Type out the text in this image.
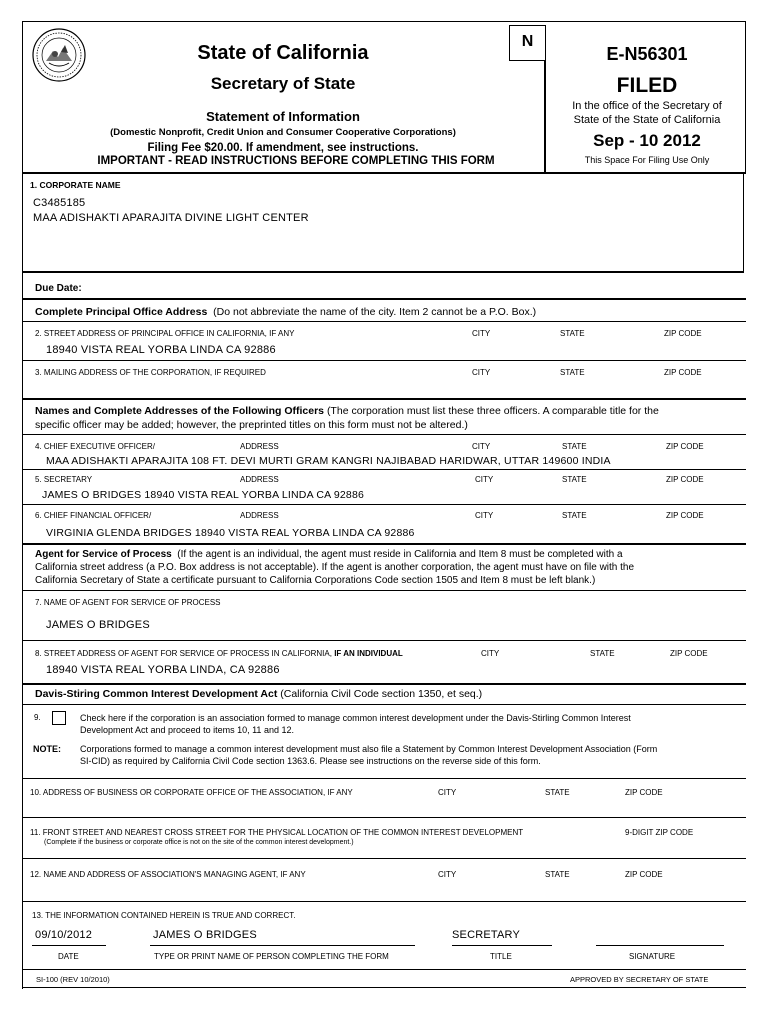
State of California
Secretary of State
Statement of Information
(Domestic Nonprofit, Credit Union and Consumer Cooperative Corporations)
Filing Fee $20.00. If amendment, see instructions.
IMPORTANT - READ INSTRUCTIONS BEFORE COMPLETING THIS FORM
N
E-N56301
FILED
In the office of the Secretary of
State of the State of California
Sep - 10 2012
This Space For Filing Use Only
1. CORPORATE NAME
C3485185
MAA ADISHAKTI APARAJITA DIVINE LIGHT CENTER
Due Date:
Complete Principal Office Address (Do not abbreviate the name of the city. Item 2 cannot be a P.O. Box.)
2. STREET ADDRESS OF PRINCIPAL OFFICE IN CALIFORNIA, IF ANY	CITY	STATE	ZIP CODE
18940 VISTA REAL YORBA LINDA CA 92886
3. MAILING ADDRESS OF THE CORPORATION, IF REQUIRED	CITY	STATE	ZIP CODE
Names and Complete Addresses of the Following Officers (The corporation must list these three officers. A comparable title for the
specific officer may be added; however, the preprinted titles on this form must not be altered.)
4. CHIEF EXECUTIVE OFFICER/	ADDRESS	CITY	STATE	ZIP CODE
MAA ADISHAKTI APARAJITA 108 FT. DEVI MURTI GRAM KANGRI NAJIBABAD HARIDWAR, UTTAR 149600 INDIA
5. SECRETARY	ADDRESS	CITY	STATE	ZIP CODE
JAMES O BRIDGES 18940 VISTA REAL YORBA LINDA CA 92886
6. CHIEF FINANCIAL OFFICER/	ADDRESS	CITY	STATE	ZIP CODE
VIRGINIA GLENDA BRIDGES 18940 VISTA REAL YORBA LINDA CA 92886
Agent for Service of Process (If the agent is an individual, the agent must reside in California and Item 8 must be completed with a
California street address (a P.O. Box address is not acceptable). If the agent is another corporation, the agent must have on file with the
California Secretary of State a certificate pursuant to California Corporations Code section 1505 and Item 8 must be left blank.)
7. NAME OF AGENT FOR SERVICE OF PROCESS
JAMES O BRIDGES
8. STREET ADDRESS OF AGENT FOR SERVICE OF PROCESS IN CALIFORNIA, IF AN INDIVIDUAL	CITY	STATE	ZIP CODE
18940 VISTA REAL YORBA LINDA, CA 92886
Davis-Stiring Common Interest Development Act (California Civil Code section 1350, et seq.)
9.	Check here if the corporation is an association formed to manage common interest development under the Davis-Stirling Common Interest
Development Act and proceed to items 10, 11 and 12.
NOTE: Corporations formed to manage a common interest development must also file a Statement by Common Interest Development Association (Form
SI-CID) as required by California Civil Code section 1363.6. Please see instructions on the reverse side of this form.
10. ADDRESS OF BUSINESS OR CORPORATE OFFICE OF THE ASSOCIATION, IF ANY	CITY	STATE	ZIP CODE
11. FRONT STREET AND NEAREST CROSS STREET FOR THE PHYSICAL LOCATION OF THE COMMON INTEREST DEVELOPMENT
(Complete if the business or corporate office is not on the site of the common interest development.)
9-DIGIT ZIP CODE
12. NAME AND ADDRESS OF ASSOCIATION'S MANAGING AGENT, IF ANY	CITY	STATE	ZIP CODE
13. THE INFORMATION CONTAINED HEREIN IS TRUE AND CORRECT.
09/10/2012	JAMES O BRIDGES	SECRETARY
DATE	TYPE OR PRINT NAME OF PERSON COMPLETING THE FORM	TITLE	SIGNATURE
SI-100 (REV 10/2010)	APPROVED BY SECRETARY OF STATE
